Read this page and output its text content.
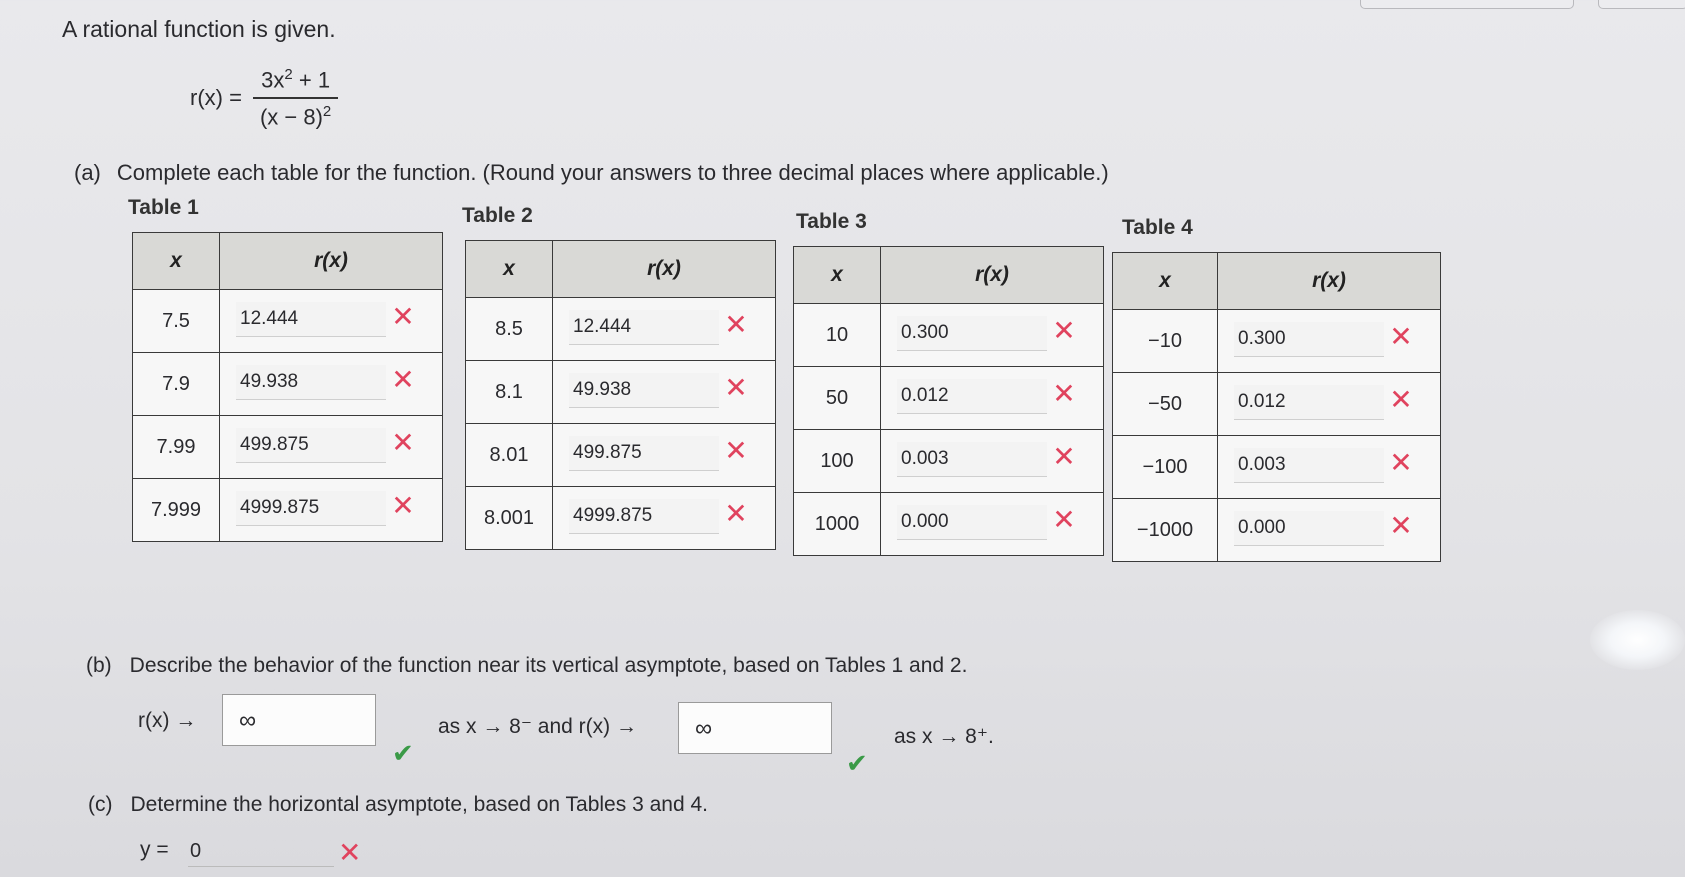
A rational function is given.
$r(x) = \frac{3x^2 + 1}{(x - 8)^2}$
(a) Complete each table for the function. (Round your answers to three decimal places where applicable.)
Table 1	Table 2	Table 3	Table 4
x	r(x)
7.5	12.444 ✕

7.9	49.938 ✕

7.99	499.875 ✕

7.999	4999.875 ✕
x	r(x)
8.5	12.444 ✕

8.1	49.938 ✕

8.01	499.875 ✕

8.001	4999.875 ✕
x	r(x)
10	0.300 ✕

50	0.012 ✕

100	0.003 ✕

1000	0.000 ✕
x	r(x)
−10	0.300 ✕

−50	0.012 ✕

−100	0.003 ✕

−1000	0.000 ✕
(b) Describe the behavior of the function near its vertical asymptote, based on Tables 1 and 2.
r(x) →	∞
✔
as x → 8⁻ and r(x) →	∞
✔
as x → 8⁺.
(c) Determine the horizontal asymptote, based on Tables 3 and 4.
y = 0	✕
